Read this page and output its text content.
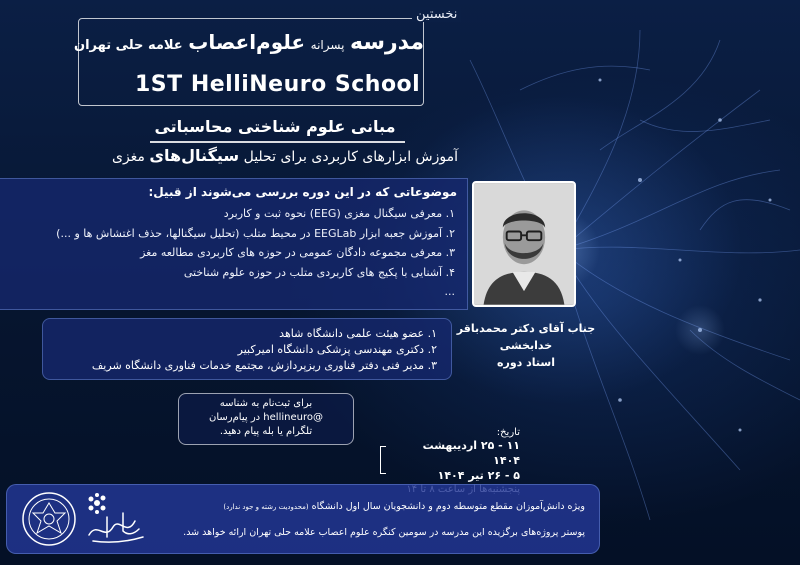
نخستین
مدرسه پسرانه علوم‌اعصاب علامه حلی تهران
1ST HelliNeuro School
مبانی علوم شناختی محاسباتی
آموزش ابزارهای کاربردی برای تحلیل سیگنال‌های مغزی
موضوعاتی که در این دوره بررسی می‌شوند از قبیل:
۱. معرفی سیگنال مغزی (EEG) نحوه ثبت و کاربرد
۲. آموزش جعبه ابزار EEGLab در محیط متلب (تحلیل سیگنالها، حذف اغتشاش ها و ...)
۳. معرفی مجموعه دادگان عمومی در حوزه های کاربردی مطالعه مغز
۴. آشنایی با پکیج های کاربردی متلب در حوزه علوم شناختی
...
جناب آقای دکتر محمدباقر خدابخشی
استاد دوره
۱. عضو هیئت علمی دانشگاه شاهد
۲. دکتری مهندسی پزشکی دانشگاه امیرکبیر
۳. مدیر فنی دفتر فناوری ریزپردازش، مجتمع خدمات فناوری دانشگاه شریف
برای ثبت‌نام به شناسه
@hellineuro در پیام‌رسان
تلگرام یا بله پیام دهید.	تاریخ:
۱۱ - ۲۵ اردیبهشت ۱۴۰۴
۵ - ۲۶ تیر ۱۴۰۴
ویژه دانش‌آموزان مقطع متوسطه دوم و دانشجویان سال اول دانشگاه (محدودیت رشته و جود ندارد)
پوستر پروژه‌های برگزیده این مدرسه در سومین کنگره علوم اعصاب علامه حلی تهران ارائه خواهد شد.
